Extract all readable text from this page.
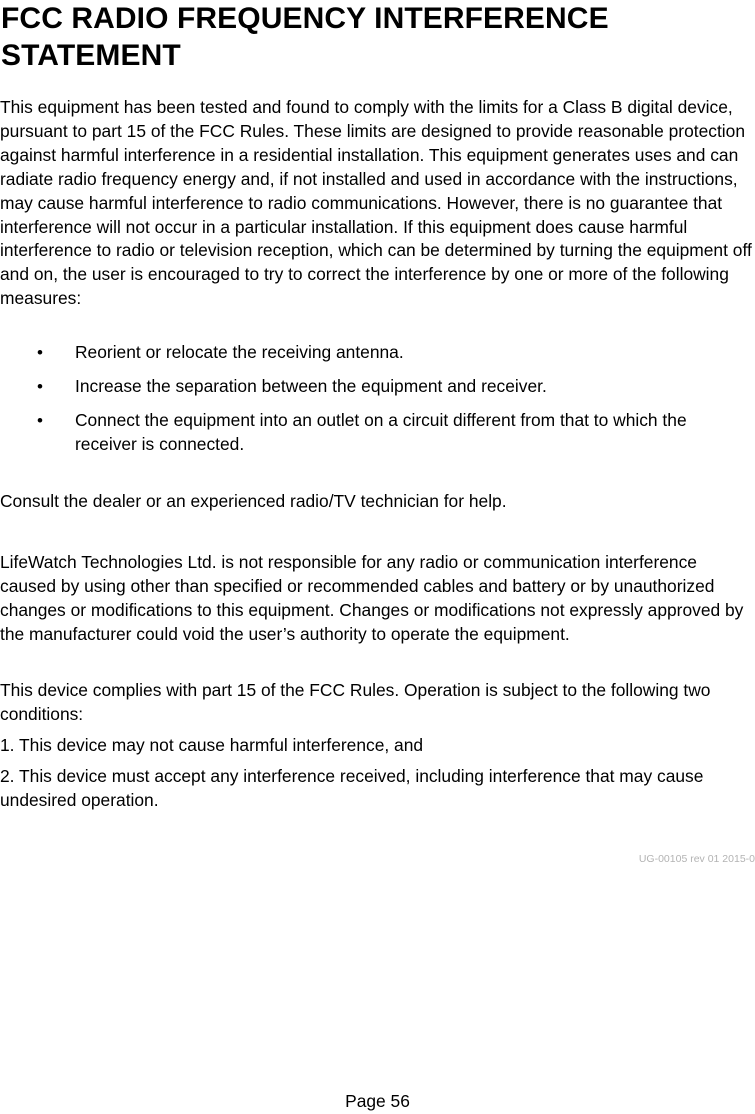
FCC RADIO FREQUENCY INTERFERENCE STATEMENT

This equipment has been tested and found to comply with the limits for a Class B digital device, pursuant to part 15 of the FCC Rules. These limits are designed to provide reasonable protection against harmful interference in a residential installation. This equipment generates uses and can radiate radio frequency energy and, if not installed and used in accordance with the instructions, may cause harmful interference to radio communications. However, there is no guarantee that interference will not occur in a particular installation. If this equipment does cause harmful interference to radio or television reception, which can be determined by turning the equipment off and on, the user is encouraged to try to correct the interference by one or more of the following measures:

• Reorient or relocate the receiving antenna.
• Increase the separation between the equipment and receiver.
• Connect the equipment into an outlet on a circuit different from that to which the receiver is connected.

Consult the dealer or an experienced radio/TV technician for help.

LifeWatch Technologies Ltd. is not responsible for any radio or communication interference caused by using other than specified or recommended cables and battery or by unauthorized changes or modifications to this equipment. Changes or modifications not expressly approved by the manufacturer could void the user’s authority to operate the equipment.

This device complies with part 15 of the FCC Rules. Operation is subject to the following two conditions:

1. This device may not cause harmful interference, and

2. This device must accept any interference received, including interference that may cause undesired operation.

UG-00105 rev 01 2015-0
Page 56
